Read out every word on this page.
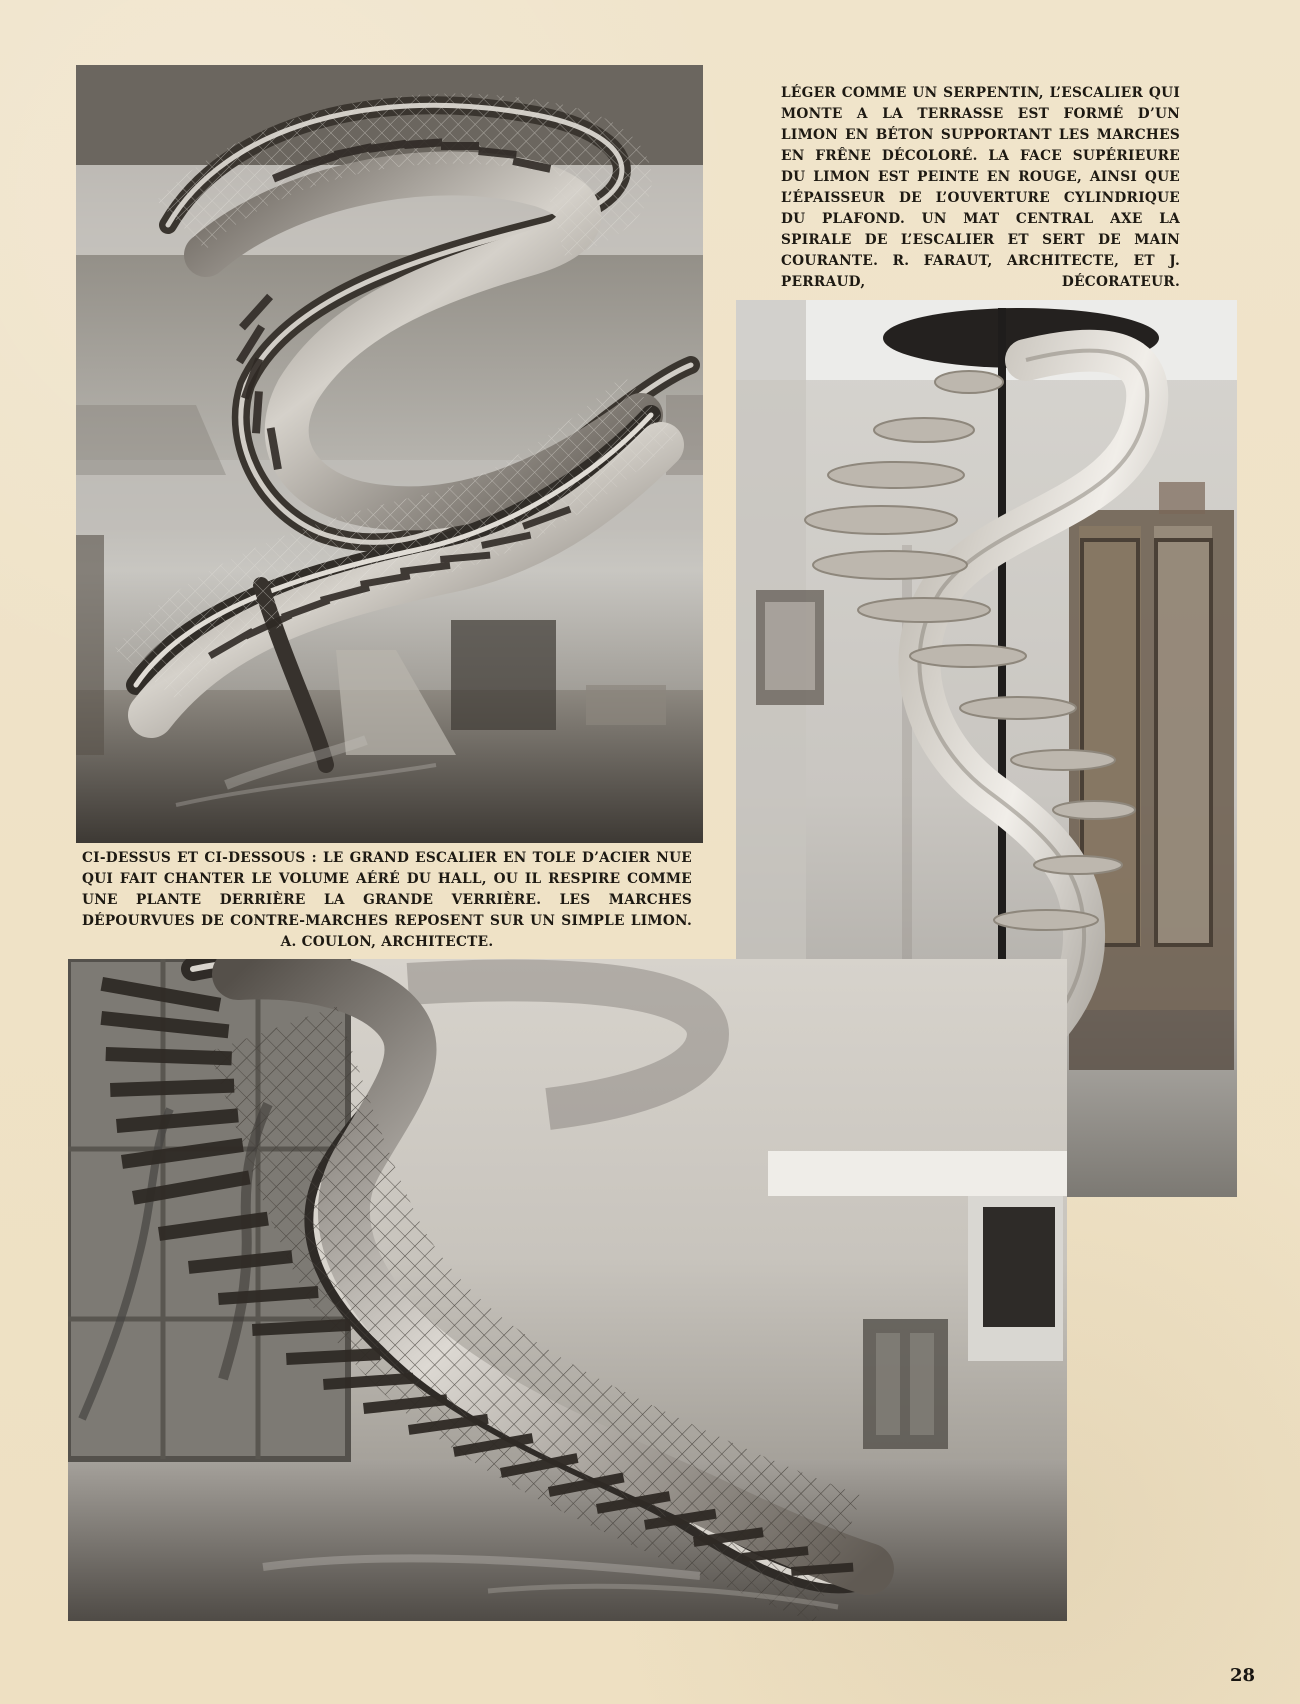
LÉGER COMME UN SERPENTIN, L’ESCALIER QUI MONTE A LA TERRASSE EST FORMÉ D’UN LIMON EN BÉTON SUPPORTANT LES MARCHES EN FRÊNE DÉCOLORÉ. LA FACE SUPÉRIEURE DU LIMON EST PEINTE EN ROUGE, AINSI QUE L’ÉPAISSEUR DE L’OUVERTURE CYLINDRIQUE DU PLAFOND. UN MAT CENTRAL AXE LA SPIRALE DE L’ESCALIER ET SERT DE MAIN COURANTE. R. FARAUT, ARCHITECTE, ET J. PERRAUD, DÉCORATEUR.
CI-DESSUS ET CI-DESSOUS : LE GRAND ESCALIER EN TOLE D’ACIER NUE QUI FAIT CHANTER LE VOLUME AÉRÉ DU HALL, OU IL RESPIRE COMME UNE PLANTE DERRIÈRE LA GRANDE VERRIÈRE. LES MARCHES DÉPOURVUES DE CONTRE-MARCHES REPOSENT SUR UN SIMPLE LIMON. A. COULON, ARCHITECTE.
28
